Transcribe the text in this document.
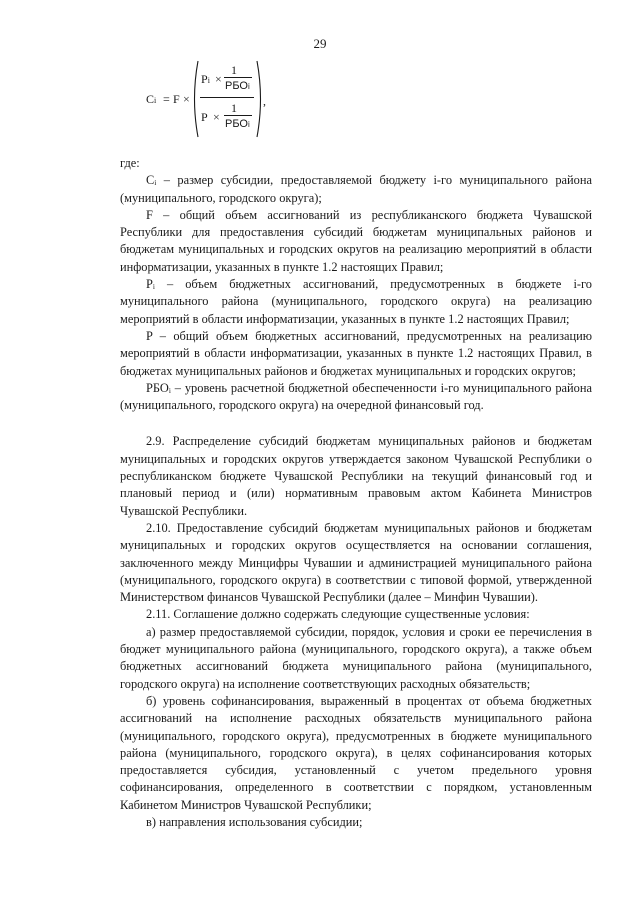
29
Ci = F ×	,
Pi ×
1
РБОi
P ×
1
РБОi

где:

Cᵢ – размер субсидии, предоставляемой бюджету i-го муниципального района (муниципального, городского округа);

F – общий объем ассигнований из республиканского бюджета Чувашской Республики для предоставления субсидий бюджетам муниципальных районов и бюджетам муниципальных и городских округов на реализацию мероприятий в области информатизации, указанных в пункте 1.2 настоящих Правил;

Pᵢ – объем бюджетных ассигнований, предусмотренных в бюджете i-го муниципального района (муниципального, городского округа) на реализацию мероприятий в области информатизации, указанных в пункте 1.2 настоящих Правил;

P – общий объем бюджетных ассигнований, предусмотренных на реализацию мероприятий в области информатизации, указанных в пункте 1.2 настоящих Правил, в бюджетах муниципальных районов и бюджетах муниципальных и городских округов;

РБОᵢ – уровень расчетной бюджетной обеспеченности i-го муниципального района (муниципального, городского округа) на очередной финансовый год.

2.9. Распределение субсидий бюджетам муниципальных районов и бюджетам муниципальных и городских округов утверждается законом Чувашской Республики о республиканском бюджете Чувашской Республики на текущий финансовый год и плановый период и (или) нормативным правовым актом Кабинета Министров Чувашской Республики.

2.10. Предоставление субсидий бюджетам муниципальных районов и бюджетам муниципальных и городских округов осуществляется на основании соглашения, заключенного между Минцифры Чувашии и администрацией муниципального района (муниципального, городского округа) в соответствии с типовой формой, утвержденной Министерством финансов Чувашской Республики (далее – Минфин Чувашии).

2.11. Соглашение должно содержать следующие существенные условия:

а) размер предоставляемой субсидии, порядок, условия и сроки ее перечисления в бюджет муниципального района (муниципального, городского округа), а также объем бюджетных ассигнований бюджета муниципального района (муниципального, городского округа) на исполнение соответствующих расходных обязательств;

б) уровень софинансирования, выраженный в процентах от объема бюджетных ассигнований на исполнение расходных обязательств муниципального района (муниципального, городского округа), предусмотренных в бюджете муниципального района (муниципального, городского округа), в целях софинансирования которых предоставляется субсидия, установленный с учетом предельного уровня софинансирования, определенного в соответствии с порядком, установленным Кабинетом Министров Чувашской Республики;

в) направления использования субсидии;
